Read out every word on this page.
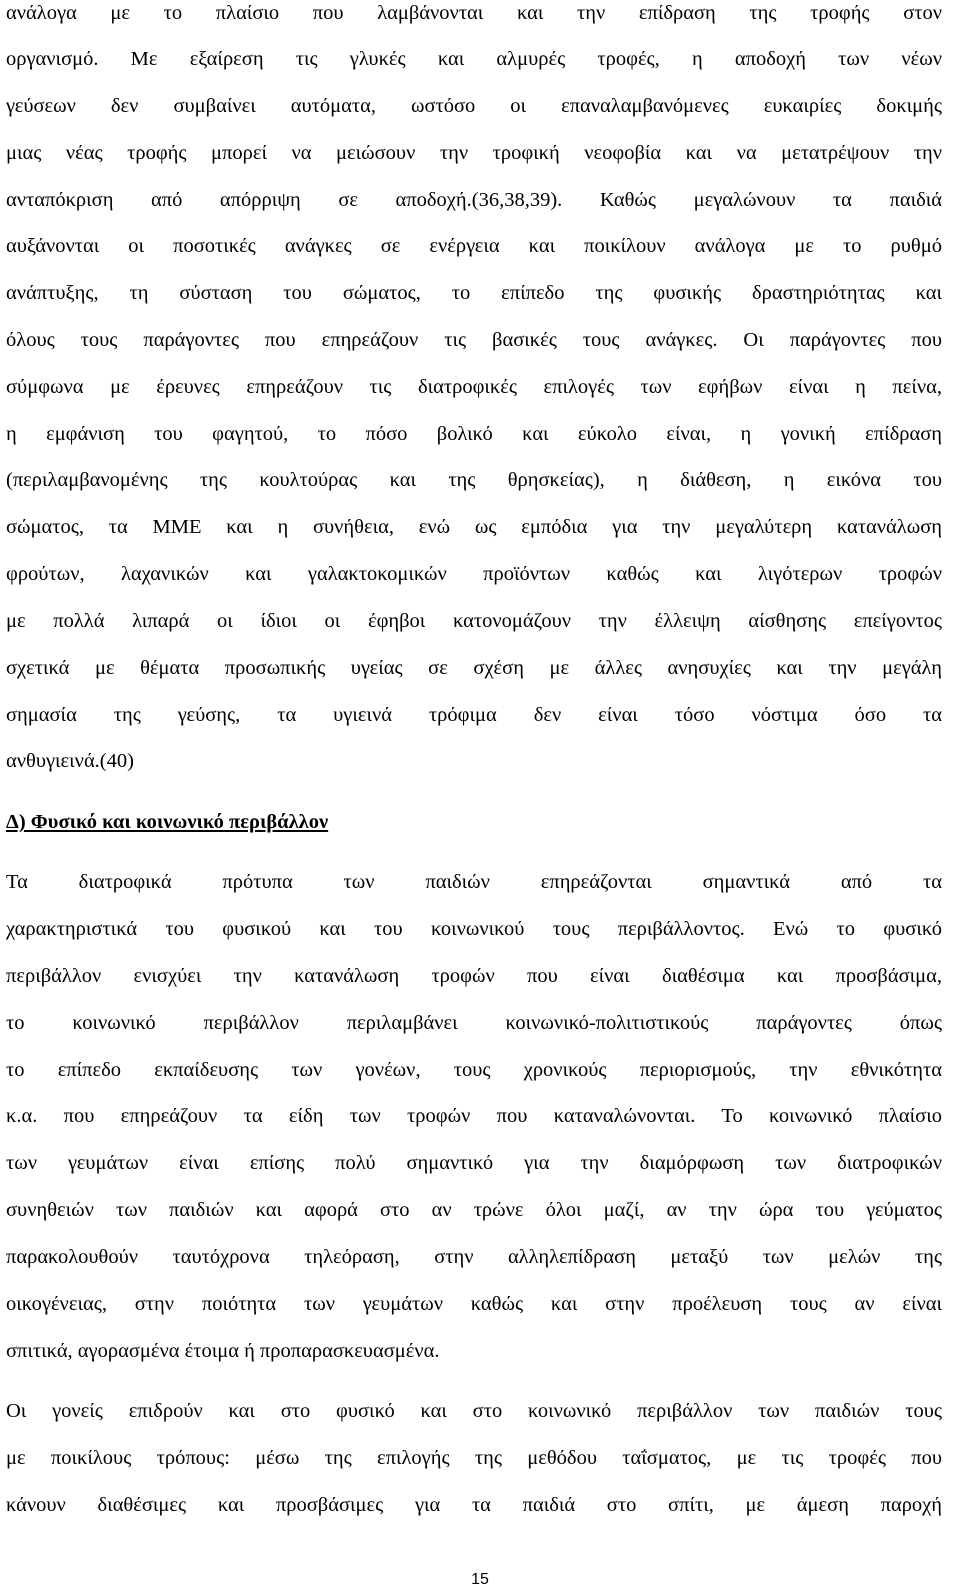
ανάλογα με το πλαίσιο που λαμβάνονται και την επίδραση της τροφής στον
οργανισμό. Με εξαίρεση τις γλυκές και αλμυρές τροφές, η αποδοχή των νέων
γεύσεων δεν συμβαίνει αυτόματα, ωστόσο οι επαναλαμβανόμενες ευκαιρίες δοκιμής
μιας νέας τροφής μπορεί να μειώσουν την τροφική νεοφοβία και να μετατρέψουν την
ανταπόκριση από απόρριψη σε αποδοχή.(36,38,39). Καθώς μεγαλώνουν τα παιδιά
αυξάνονται οι ποσοτικές ανάγκες σε ενέργεια και ποικίλουν ανάλογα με το ρυθμό
ανάπτυξης, τη σύσταση του σώματος, το επίπεδο της φυσικής δραστηριότητας και
όλους τους παράγοντες που επηρεάζουν τις βασικές τους ανάγκες. Οι παράγοντες που
σύμφωνα με έρευνες επηρεάζουν τις διατροφικές επιλογές των εφήβων είναι η πείνα,
η εμφάνιση του φαγητού, το πόσο βολικό και εύκολο είναι, η γονική επίδραση
(περιλαμβανομένης της κουλτούρας και της θρησκείας), η διάθεση, η εικόνα του
σώματος, τα ΜΜΕ και η συνήθεια, ενώ ως εμπόδια για την μεγαλύτερη κατανάλωση
φρούτων, λαχανικών και γαλακτοκομικών προϊόντων καθώς και λιγότερων τροφών
με πολλά λιπαρά οι ίδιοι οι έφηβοι κατονομάζουν την έλλειψη αίσθησης επείγοντος
σχετικά με θέματα προσωπικής υγείας σε σχέση με άλλες ανησυχίες και την μεγάλη
σημασία της γεύσης, τα υγιεινά τρόφιμα δεν είναι τόσο νόστιμα όσο τα
ανθυγιεινά.(40)
Δ) Φυσικό και κοινωνικό περιβάλλον
Τα διατροφικά πρότυπα των παιδιών επηρεάζονται σημαντικά από τα
χαρακτηριστικά του φυσικού και του κοινωνικού τους περιβάλλοντος. Ενώ το φυσικό
περιβάλλον ενισχύει την κατανάλωση τροφών που είναι διαθέσιμα και προσβάσιμα,
το κοινωνικό περιβάλλον περιλαμβάνει κοινωνικό-πολιτιστικούς παράγοντες όπως
το επίπεδο εκπαίδευσης των γονέων, τους χρονικούς περιορισμούς, την εθνικότητα
κ.α. που επηρεάζουν τα είδη των τροφών που καταναλώνονται. Το κοινωνικό πλαίσιο
των γευμάτων είναι επίσης πολύ σημαντικό για την διαμόρφωση των διατροφικών
συνηθειών των παιδιών και αφορά στο αν τρώνε όλοι μαζί, αν την ώρα του γεύματος
παρακολουθούν ταυτόχρονα τηλεόραση, στην αλληλεπίδραση μεταξύ των μελών της
οικογένειας, στην ποιότητα των γευμάτων καθώς και στην προέλευση τους αν είναι
σπιτικά, αγορασμένα έτοιμα ή προπαρασκευασμένα.
Οι γονείς επιδρούν και στο φυσικό και στο κοινωνικό περιβάλλον των παιδιών τους
με ποικίλους τρόπους: μέσω της επιλογής της μεθόδου ταΐσματος, με τις τροφές που
κάνουν διαθέσιμες και προσβάσιμες για τα παιδιά στο σπίτι, με άμεση παροχή
15
